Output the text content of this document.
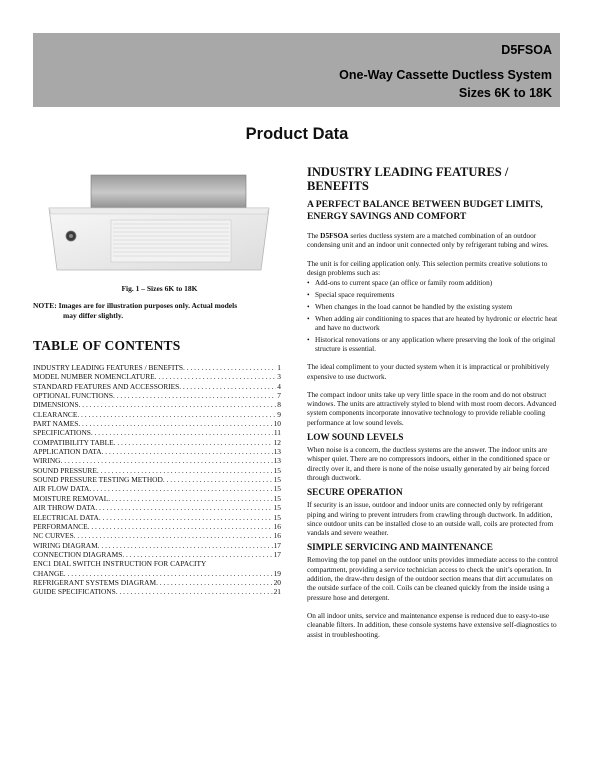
D5FSOA
One-Way Cassette Ductless System
Sizes 6K to 18K
Product Data
Fig. 1 – Sizes 6K to 18K
NOTE: Images are for illustration purposes only. Actual models
may differ slightly.
TABLE OF CONTENTS
INDUSTRY LEADING FEATURES / BENEFITS . . .	1
MODEL NUMBER NOMENCLATURE . . .	3
STANDARD FEATURES AND ACCESSORIES . . .	4
OPTIONAL FUNCTIONS . . .	7
DIMENSIONS . . .	8
CLEARANCE . . .	9
PART NAMES . . .	10
SPECIFICATIONS . . .	11
COMPATIBILITY TABLE . . .	12
APPLICATION DATA . . .	13
WIRING . . .	13
SOUND PRESSURE . . .	15
SOUND PRESSURE TESTING METHOD . . .	15
AIR FLOW DATA . . .	15
MOISTURE REMOVAL . . .	15
AIR THROW DATA . . .	15
ELECTRICAL DATA . . .	15
PERFORMANCE . . .	16
NC CURVES . . .	16
WIRING DIAGRAM . . .	17
CONNECTION DIAGRAMS . . .	17
ENC1 DIAL SWITCH INSTRUCTION FOR CAPACITY
CHANGE . . .	19
REFRIGERANT SYSTEMS DIAGRAM . . .	20
GUIDE SPECIFICATIONS . . .	21
INDUSTRY LEADING FEATURES / BENEFITS
A PERFECT BALANCE BETWEEN BUDGET LIMITS, ENERGY SAVINGS AND COMFORT

The D5FSOA series ductless system are a matched combination of an outdoor condensing unit and an indoor unit connected only by refrigerant tubing and wires.

The unit is for ceiling application only. This selection permits creative solutions to design problems such as:

• Add-ons to current space (an office or family room addition)
• Special space requirements
• When changes in the load cannot be handled by the existing system
• When adding air conditioning to spaces that are heated by hydronic or electric heat and have no ductwork
• Historical renovations or any application where preserving the look of the original structure is essential.

The ideal compliment to your ducted system when it is impractical or prohibitively expensive to use ductwork.

The compact indoor units take up very little space in the room and do not obstruct windows. The units are attractively styled to blend with most room decors. Advanced system components incorporate innovative technology to provide reliable cooling performance at low sound levels.

LOW SOUND LEVELS

When noise is a concern, the ductless systems are the answer. The indoor units are whisper quiet. There are no compressors indoors, either in the conditioned space or directly over it, and there is none of the noise usually generated by air being forced through ductwork.

SECURE OPERATION

If security is an issue, outdoor and indoor units are connected only by refrigerant piping and wiring to prevent intruders from crawling through ductwork. In addition, since outdoor units can be installed close to an outside wall, coils are protected from vandals and severe weather.

SIMPLE SERVICING AND MAINTENANCE

Removing the top panel on the outdoor units provides immediate access to the control compartment, providing a service technician access to check the unit’s operation. In addition, the draw-thru design of the outdoor section means that dirt accumulates on the outside surface of the coil. Coils can be cleaned quickly from the inside using a pressure hose and detergent.

On all indoor units, service and maintenance expense is reduced due to easy-to-use cleanable filters. In addition, these console systems have extensive self-diagnostics to assist in troubleshooting.
